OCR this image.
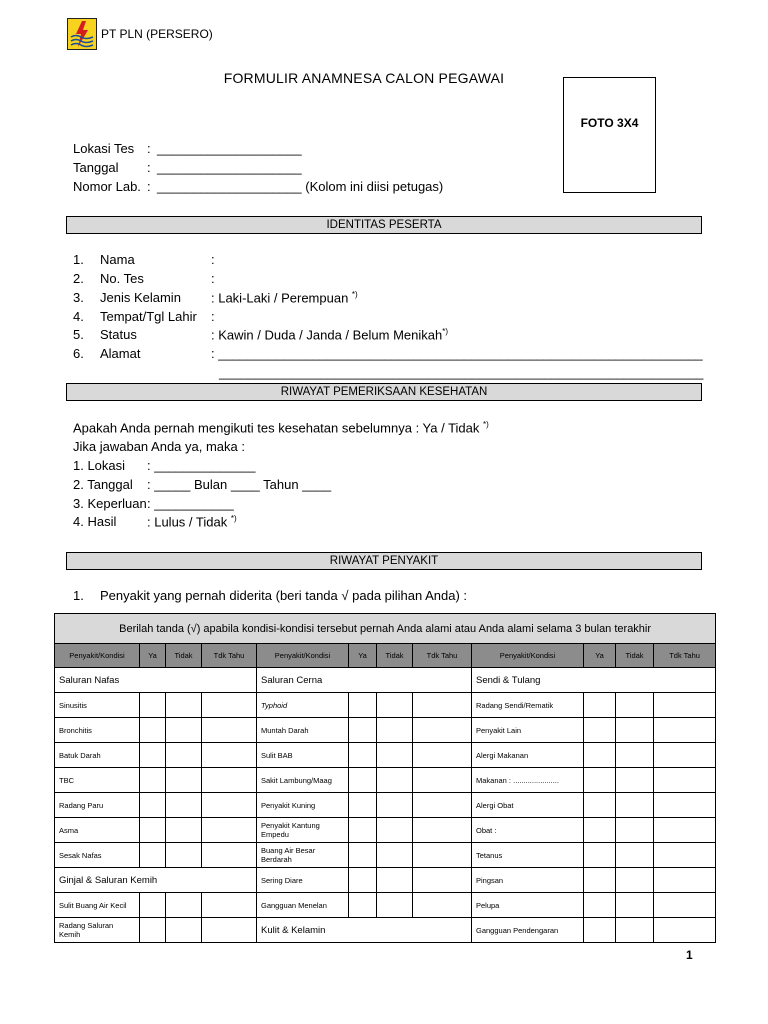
PT PLN (PERSERO)
FORMULIR ANAMNESA CALON PEGAWAI
FOTO 3X4
Lokasi Tes : ____________________
Tanggal : ____________________
Nomor Lab. : ____________________ (Kolom ini diisi petugas)
IDENTITAS PESERTA
1. Nama	:
2. No. Tes	:
3. Jenis Kelamin : Laki-Laki / Perempuan *)
4. Tempat/Tgl Lahir :
5. Status	: Kawin / Duda / Janda / Belum Menikah*)
6. Alamat	: ___________________________________________________________________
___________________________________________________________________
RIWAYAT PEMERIKSAAN KESEHATAN
Apakah Anda pernah mengikuti tes kesehatan sebelumnya : Ya / Tidak *)
Jika jawaban Anda ya, maka :
1. Lokasi : ______________
2. Tanggal : _____ Bulan ____ Tahun ____
3. Keperluan: ___________
4. Hasil : Lulus / Tidak *)
RIWAYAT PENYAKIT
1. Penyakit yang pernah diderita (beri tanda √ pada pilihan Anda) :
Berilah tanda (√) apabila kondisi-kondisi tersebut pernah Anda alami atau Anda alami selama 3 bulan terakhir											
Penyakit/Kondisi	Ya	Tidak	Tdk Tahu	Penyakit/Kondisi	Ya	Tidak	Tdk Tahu	Penyakit/Kondisi	Ya	Tidak	Tdk Tahu
Saluran Nafas				Saluran Cerna				Sendi & Tulang			
Sinusitis				Typhoid				Radang Sendi/Rematik			
Bronchitis				Muntah Darah				Penyakit Lain			
Batuk Darah				Sulit BAB				Alergi Makanan			
TBC				Sakit Lambung/Maag				Makanan : ......................			
Radang Paru				Penyakit Kuning				Alergi Obat			
Asma				Penyakit Kantung Empedu				Obat :			
Sesak Nafas				Buang Air Besar Berdarah				Tetanus			
Ginjal & Saluran Kemih				Sering Diare				Pingsan			
Sulit Buang Air Kecil				Gangguan Menelan				Pelupa			
Radang Saluran Kemih				Kulit & Kelamin				Gangguan Pendengaran			
1
